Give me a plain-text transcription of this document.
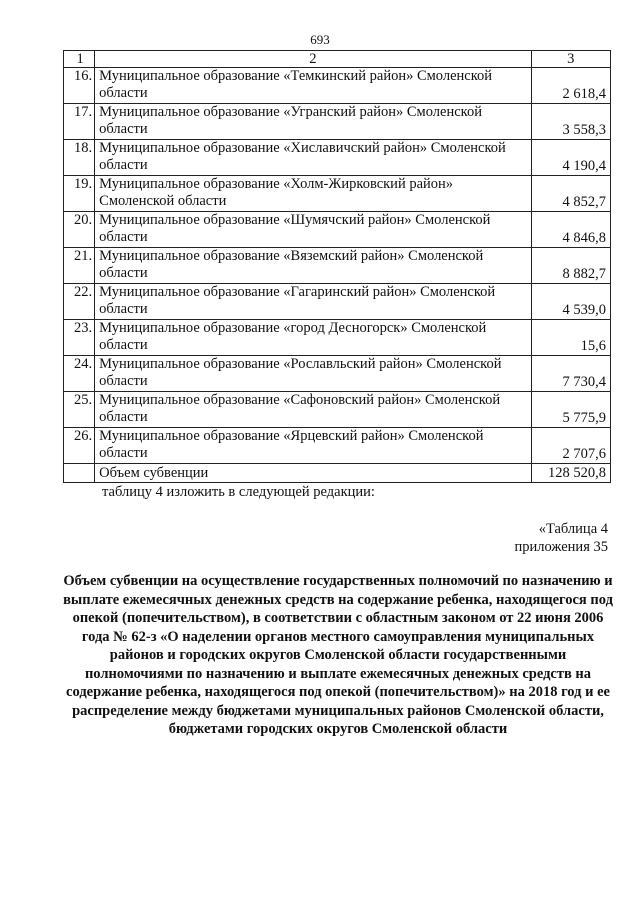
693
1	2	3
16.	Муниципальное образование «Темкинский район» Смоленской области	2 618,4
17.	Муниципальное образование «Угранский район» Смоленской области	3 558,3
18.	Муниципальное образование «Хиславичский район» Смоленской области	4 190,4
19.	Муниципальное образование «Холм-Жирковский район» Смоленской области	4 852,7
20.	Муниципальное образование «Шумячский район» Смоленской области	4 846,8
21.	Муниципальное образование «Вяземский район» Смоленской области	8 882,7
22.	Муниципальное образование «Гагаринский район» Смоленской области	4 539,0
23.	Муниципальное образование «город Десногорск» Смоленской области	15,6
24.	Муниципальное образование «Рославльский район» Смоленской области	7 730,4
25.	Муниципальное образование «Сафоновский район» Смоленской области	5 775,9
26.	Муниципальное образование «Ярцевский район» Смоленской области	2 707,6
	Объем субвенции	128 520,8
таблицу 4 изложить в следующей редакции:
«Таблица 4
приложения 35
Объем субвенции на осуществление государственных полномочий по назначению и выплате ежемесячных денежных средств на содержание ребенка, находящегося под опекой (попечительством), в соответствии с областным законом от 22 июня 2006 года № 62-з «О наделении органов местного самоуправления муниципальных районов и городских округов Смоленской области государственными полномочиями по назначению и выплате ежемесячных денежных средств на содержание ребенка, находящегося под опекой (попечительством)» на 2018 год и ее распределение между бюджетами муниципальных районов Смоленской области, бюджетами городских округов Смоленской области
